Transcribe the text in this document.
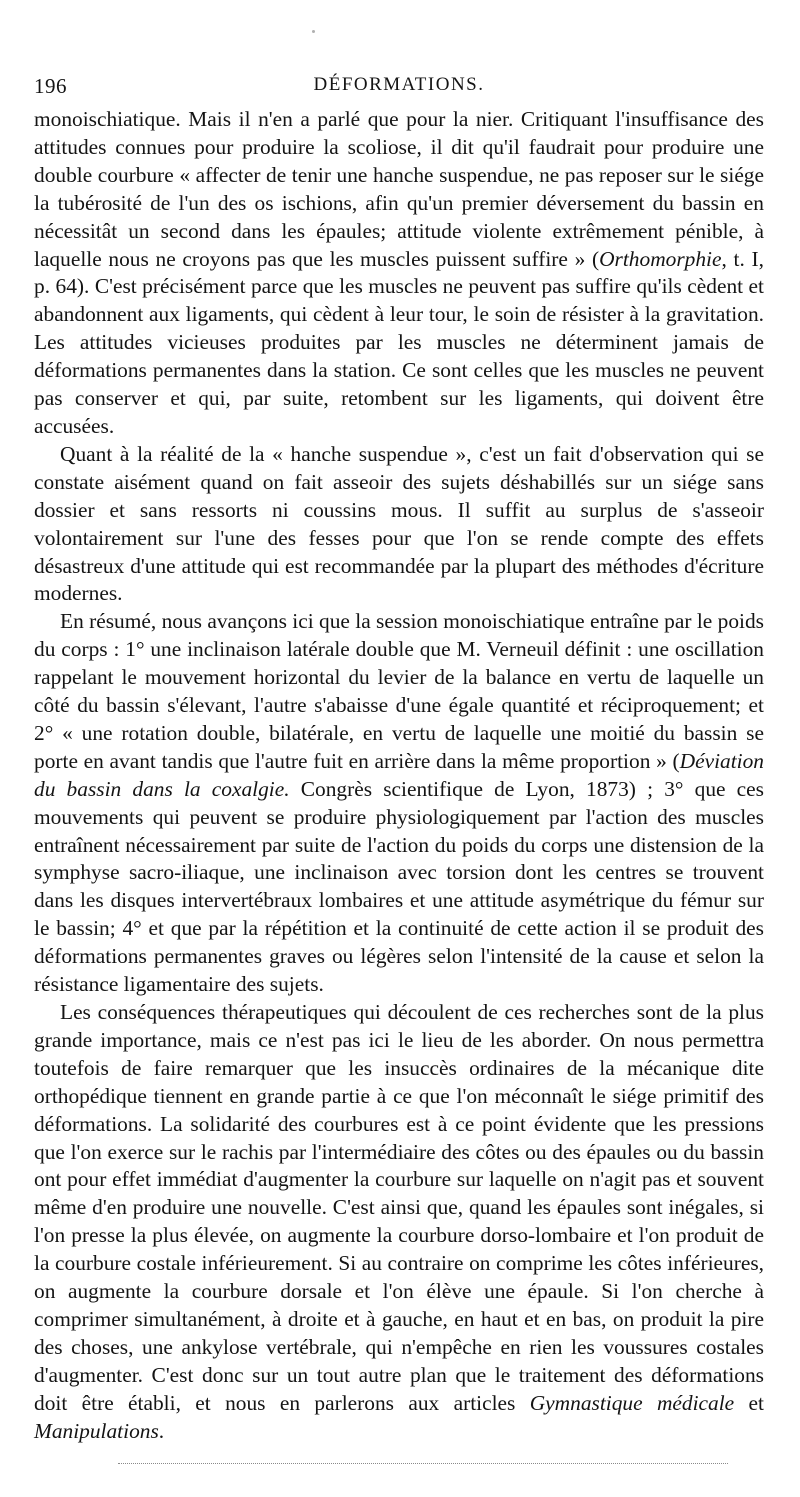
196	DÉFORMATIONS.

monoischiatique. Mais il n'en a parlé que pour la nier. Critiquant l'insuffisance des attitudes connues pour produire la scoliose, il dit qu'il faudrait pour produire une double courbure « affecter de tenir une hanche suspendue, ne pas reposer sur le siége la tubérosité de l'un des os ischions, afin qu'un premier déversement du bassin en nécessitât un second dans les épaules; attitude violente extrêmement pénible, à laquelle nous ne croyons pas que les muscles puissent suffire » (Orthomorphie, t. I, p. 64). C'est précisément parce que les muscles ne peuvent pas suffire qu'ils cèdent et abandonnent aux ligaments, qui cèdent à leur tour, le soin de résister à la gravitation. Les attitudes vicieuses produites par les muscles ne déterminent jamais de déformations permanentes dans la station. Ce sont celles que les muscles ne peuvent pas conserver et qui, par suite, retombent sur les ligaments, qui doivent être accusées.

Quant à la réalité de la « hanche suspendue », c'est un fait d'observation qui se constate aisément quand on fait asseoir des sujets déshabillés sur un siége sans dossier et sans ressorts ni coussins mous. Il suffit au surplus de s'asseoir volontairement sur l'une des fesses pour que l'on se rende compte des effets désastreux d'une attitude qui est recommandée par la plupart des méthodes d'écriture modernes.

En résumé, nous avançons ici que la session monoischiatique entraîne par le poids du corps : 1° une inclinaison latérale double que M. Verneuil définit : une oscillation rappelant le mouvement horizontal du levier de la balance en vertu de laquelle un côté du bassin s'élevant, l'autre s'abaisse d'une égale quantité et réciproquement; et 2° « une rotation double, bilatérale, en vertu de laquelle une moitié du bassin se porte en avant tandis que l'autre fuit en arrière dans la même proportion » (Déviation du bassin dans la coxalgie. Congrès scientifique de Lyon, 1873) ; 3° que ces mouvements qui peuvent se produire physiologiquement par l'action des muscles entraînent nécessairement par suite de l'action du poids du corps une distension de la symphyse sacro-iliaque, une inclinaison avec torsion dont les centres se trouvent dans les disques intervertébraux lombaires et une attitude asymétrique du fémur sur le bassin; 4° et que par la répétition et la continuité de cette action il se produit des déformations permanentes graves ou légères selon l'intensité de la cause et selon la résistance ligamentaire des sujets.

Les conséquences thérapeutiques qui découlent de ces recherches sont de la plus grande importance, mais ce n'est pas ici le lieu de les aborder. On nous permettra toutefois de faire remarquer que les insuccès ordinaires de la mécanique dite orthopédique tiennent en grande partie à ce que l'on méconnaît le siége primitif des déformations. La solidarité des courbures est à ce point évidente que les pressions que l'on exerce sur le rachis par l'intermédiaire des côtes ou des épaules ou du bassin ont pour effet immédiat d'augmenter la courbure sur laquelle on n'agit pas et souvent même d'en produire une nouvelle. C'est ainsi que, quand les épaules sont inégales, si l'on presse la plus élevée, on augmente la courbure dorso-lombaire et l'on produit de la courbure costale inférieurement. Si au contraire on comprime les côtes inférieures, on augmente la courbure dorsale et l'on élève une épaule. Si l'on cherche à comprimer simultanément, à droite et à gauche, en haut et en bas, on produit la pire des choses, une ankylose vertébrale, qui n'empêche en rien les voussures costales d'augmenter. C'est donc sur un tout autre plan que le traitement des déformations doit être établi, et nous en parlerons aux articles Gymnastique médicale et Manipulations.
